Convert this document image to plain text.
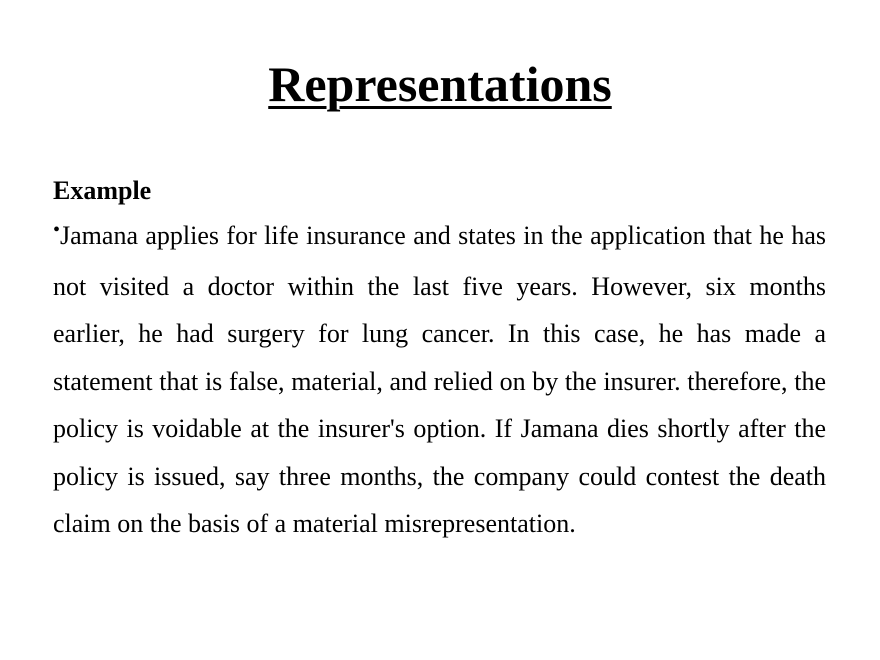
Representations

Example

•Jamana applies for life insurance and states in the application that he has not visited a doctor within the last five years. However, six months earlier, he had surgery for lung cancer. In this case, he has made a statement that is false, material, and relied on by the insurer. therefore, the policy is voidable at the insurer's option. If Jamana dies shortly after the policy is issued, say three months, the company could contest the death claim on the basis of a material misrepresentation.
